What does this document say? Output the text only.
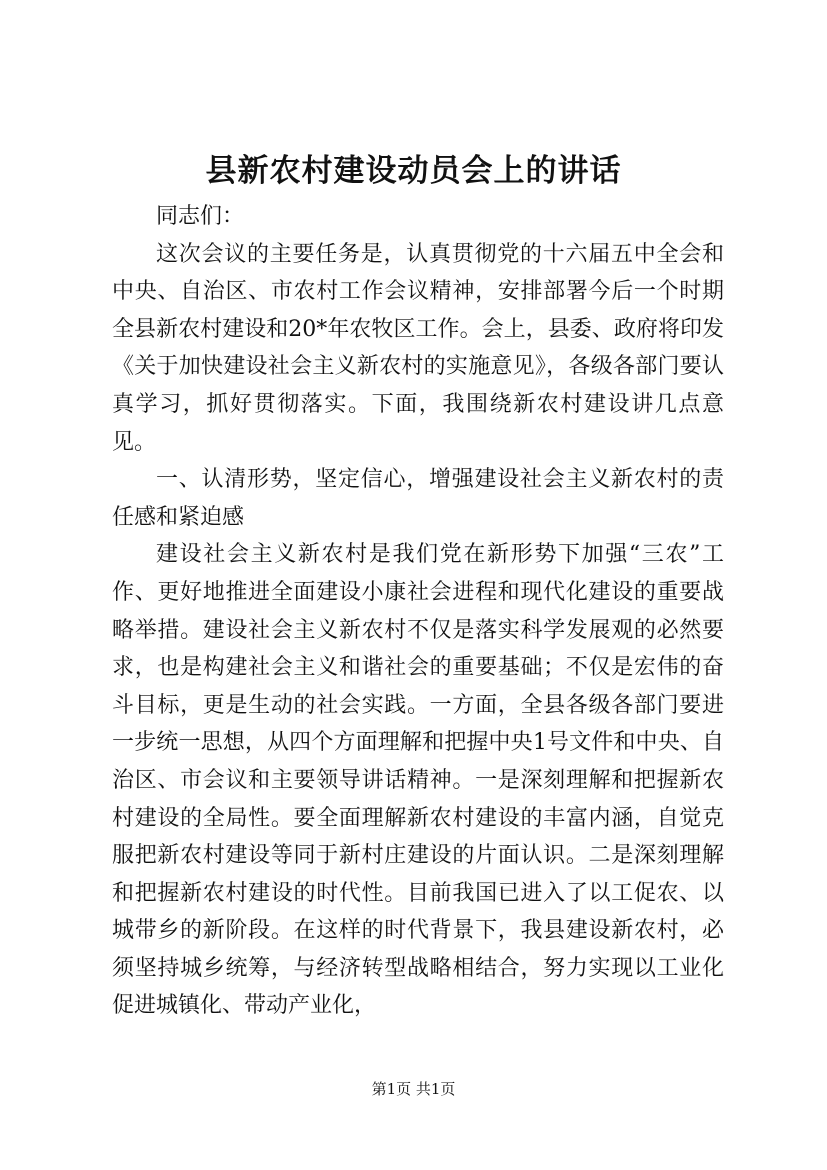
县新农村建设动员会上的讲话

同志们：

这次会议的主要任务是，认真贯彻党的十六届五中全会和中央、自治区、市农村工作会议精神，安排部署今后一个时期全县新农村建设和20*年农牧区工作。会上，县委、政府将印发《关于加快建设社会主义新农村的实施意见》，各级各部门要认真学习，抓好贯彻落实。下面，我围绕新农村建设讲几点意见。

一、认清形势，坚定信心，增强建设社会主义新农村的责任感和紧迫感

建设社会主义新农村是我们党在新形势下加强“三农”工作、更好地推进全面建设小康社会进程和现代化建设的重要战略举措。建设社会主义新农村不仅是落实科学发展观的必然要求，也是构建社会主义和谐社会的重要基础；不仅是宏伟的奋斗目标，更是生动的社会实践。一方面，全县各级各部门要进一步统一思想，从四个方面理解和把握中央1号文件和中央、自治区、市会议和主要领导讲话精神。一是深刻理解和把握新农村建设的全局性。要全面理解新农村建设的丰富内涵，自觉克服把新农村建设等同于新村庄建设的片面认识。二是深刻理解和把握新农村建设的时代性。目前我国已进入了以工促农、以城带乡的新阶段。在这样的时代背景下，我县建设新农村，必须坚持城乡统筹，与经济转型战略相结合，努力实现以工业化促进城镇化、带动产业化，

第1页 共1页
